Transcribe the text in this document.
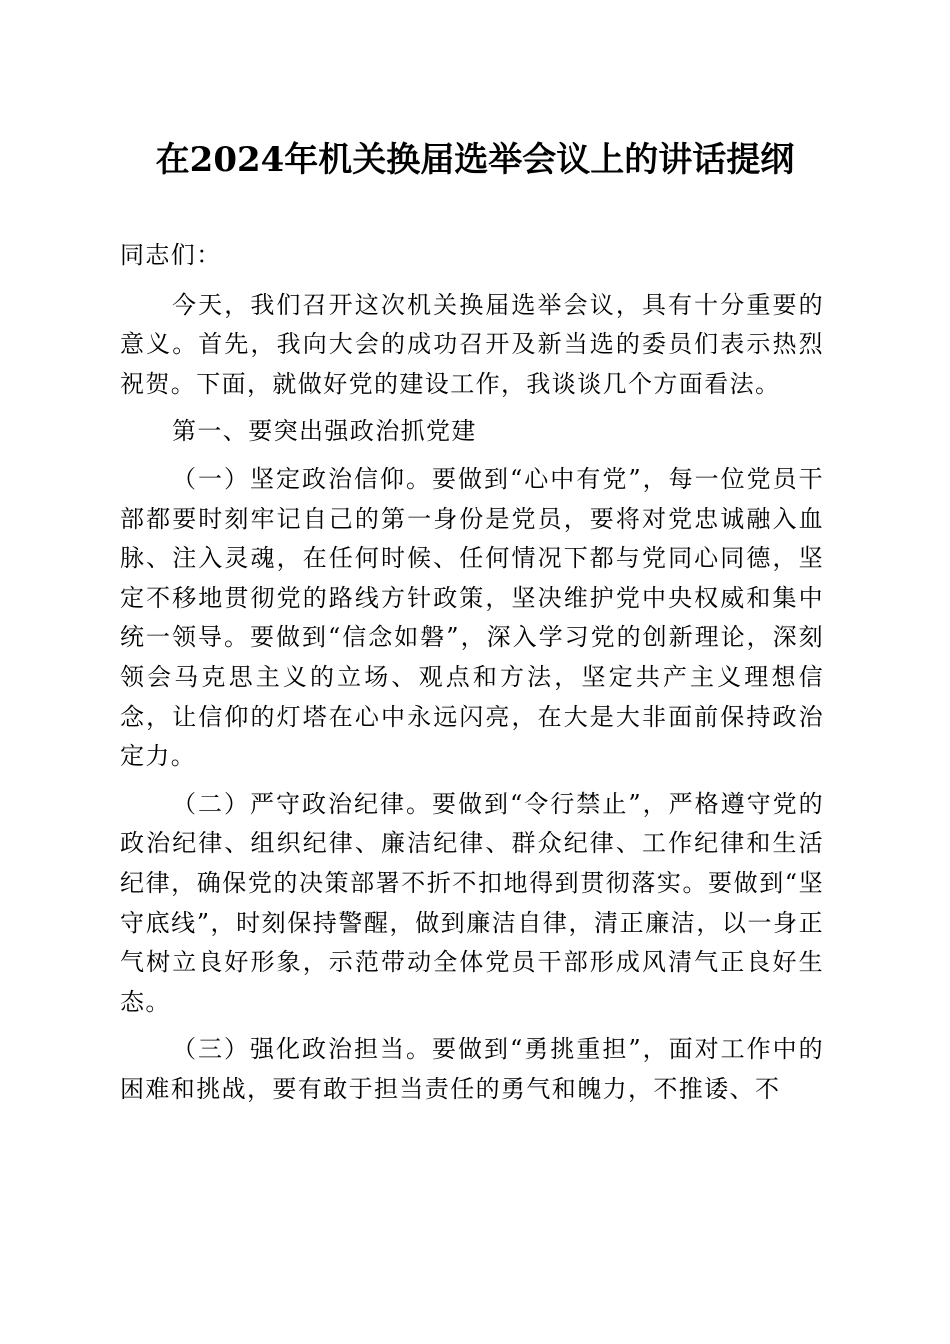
在2024年机关换届选举会议上的讲话提纲

同志们：

今天，我们召开这次机关换届选举会议，具有十分重要的意义。首先，我向大会的成功召开及新当选的委员们表示热烈祝贺。下面，就做好党的建设工作，我谈谈几个方面看法。

第一、要突出强政治抓党建

（一）坚定政治信仰。要做到“心中有党”，每一位党员干部都要时刻牢记自己的第一身份是党员，要将对党忠诚融入血脉、注入灵魂，在任何时候、任何情况下都与党同心同德，坚定不移地贯彻党的路线方针政策，坚决维护党中央权威和集中统一领导。要做到“信念如磐”，深入学习党的创新理论，深刻领会马克思主义的立场、观点和方法，坚定共产主义理想信念，让信仰的灯塔在心中永远闪亮，在大是大非面前保持政治定力。

（二）严守政治纪律。要做到“令行禁止”，严格遵守党的政治纪律、组织纪律、廉洁纪律、群众纪律、工作纪律和生活纪律，确保党的决策部署不折不扣地得到贯彻落实。要做到“坚守底线”，时刻保持警醒，做到廉洁自律，清正廉洁，以一身正气树立良好形象，示范带动全体党员干部形成风清气正良好生态。

（三）强化政治担当。要做到“勇挑重担”，面对工作中的困难和挑战，要有敢于担当责任的勇气和魄力，不推诿、不
